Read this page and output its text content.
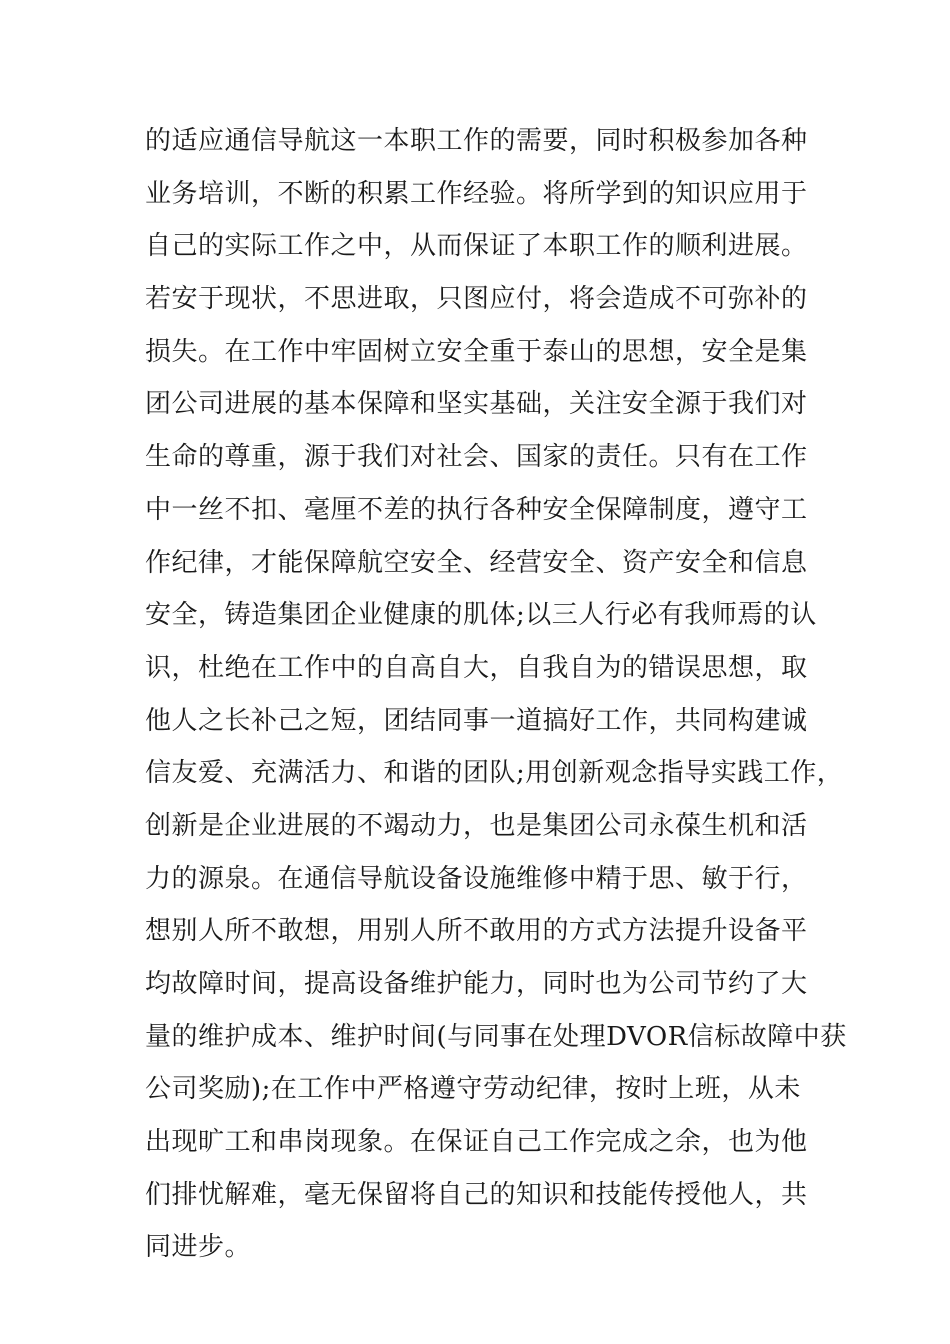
的适应通信导航这一本职工作的需要，同时积极参加各种
业务培训，不断的积累工作经验。将所学到的知识应用于
自己的实际工作之中，从而保证了本职工作的顺利进展。
若安于现状，不思进取，只图应付，将会造成不可弥补的
损失。在工作中牢固树立安全重于泰山的思想，安全是集
团公司进展的基本保障和坚实基础，关注安全源于我们对
生命的尊重，源于我们对社会、国家的责任。只有在工作
中一丝不扣、毫厘不差的执行各种安全保障制度，遵守工
作纪律，才能保障航空安全、经营安全、资产安全和信息
安全，铸造集团企业健康的肌体;以三人行必有我师焉的认
识，杜绝在工作中的自高自大，自我自为的错误思想，取
他人之长补己之短，团结同事一道搞好工作，共同构建诚
信友爱、充满活力、和谐的团队;用创新观念指导实践工作，
创新是企业进展的不竭动力，也是集团公司永葆生机和活
力的源泉。在通信导航设备设施维修中精于思、敏于行，
想别人所不敢想，用别人所不敢用的方式方法提升设备平
均故障时间，提高设备维护能力，同时也为公司节约了大
量的维护成本、维护时间(与同事在处理DVOR信标故障中获
公司奖励);在工作中严格遵守劳动纪律，按时上班，从未
出现旷工和串岗现象。在保证自己工作完成之余，也为他
们排忧解难，毫无保留将自己的知识和技能传授他人，共
同进步。
